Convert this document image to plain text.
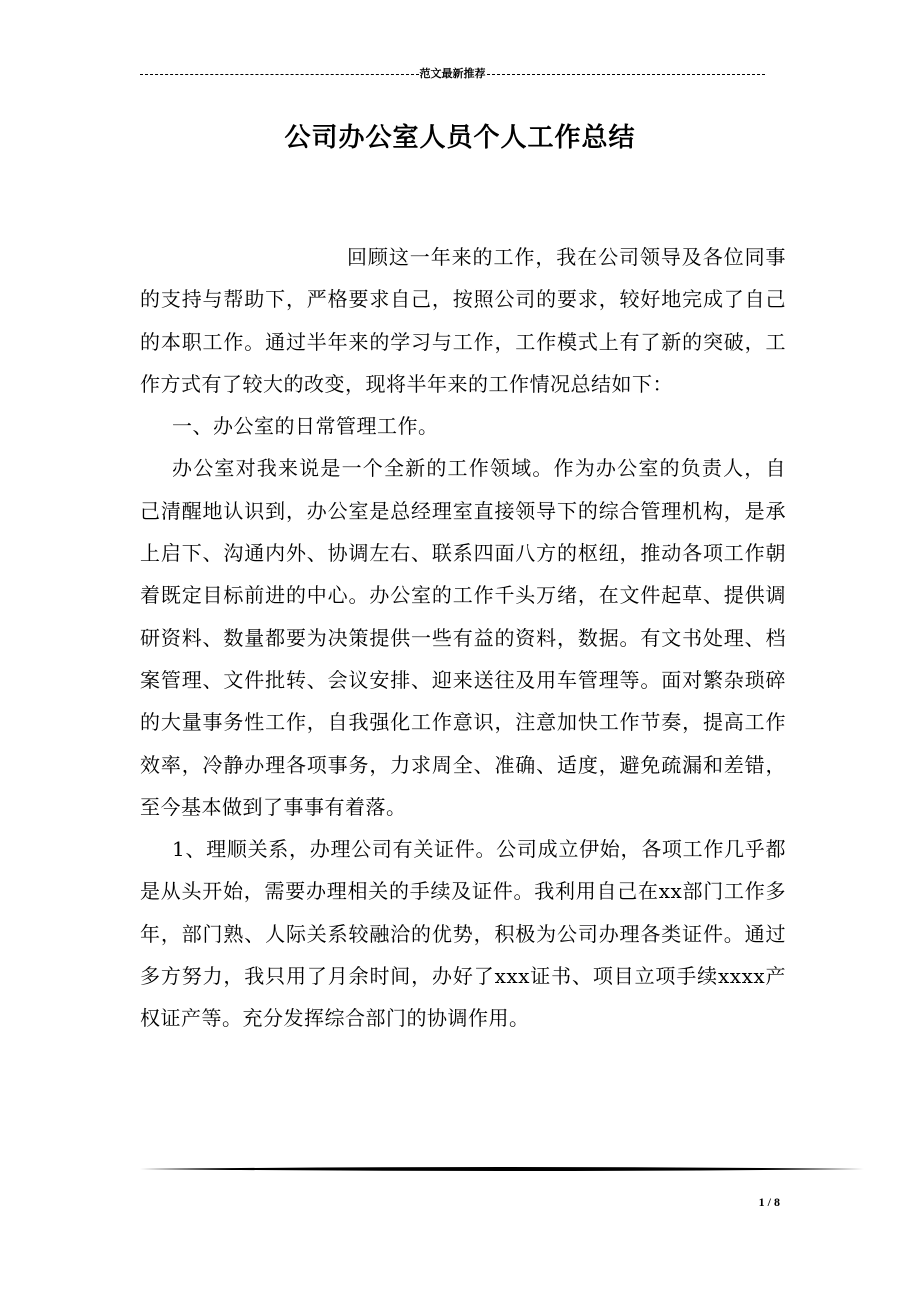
范文最新推荐
公司办公室人员个人工作总结

回顾这一年来的工作，我在公司领导及各位同事的支持与帮助下，严格要求自己，按照公司的要求，较好地完成了自己的本职工作。通过半年来的学习与工作，工作模式上有了新的突破，工作方式有了较大的改变，现将半年来的工作情况总结如下：

一、办公室的日常管理工作。

办公室对我来说是一个全新的工作领域。作为办公室的负责人，自己清醒地认识到，办公室是总经理室直接领导下的综合管理机构，是承上启下、沟通内外、协调左右、联系四面八方的枢纽，推动各项工作朝着既定目标前进的中心。办公室的工作千头万绪，在文件起草、提供调研资料、数量都要为决策提供一些有益的资料，数据。有文书处理、档案管理、文件批转、会议安排、迎来送往及用车管理等。面对繁杂琐碎的大量事务性工作，自我强化工作意识，注意加快工作节奏，提高工作效率，冷静办理各项事务，力求周全、准确、适度，避免疏漏和差错，至今基本做到了事事有着落。

1、理顺关系，办理公司有关证件。公司成立伊始，各项工作几乎都是从头开始，需要办理相关的手续及证件。我利用自己在xx部门工作多年，部门熟、人际关系较融洽的优势，积极为公司办理各类证件。通过多方努力，我只用了月余时间，办好了xxx证书、项目立项手续xxxx产权证产等。充分发挥综合部门的协调作用。

1 / 8
